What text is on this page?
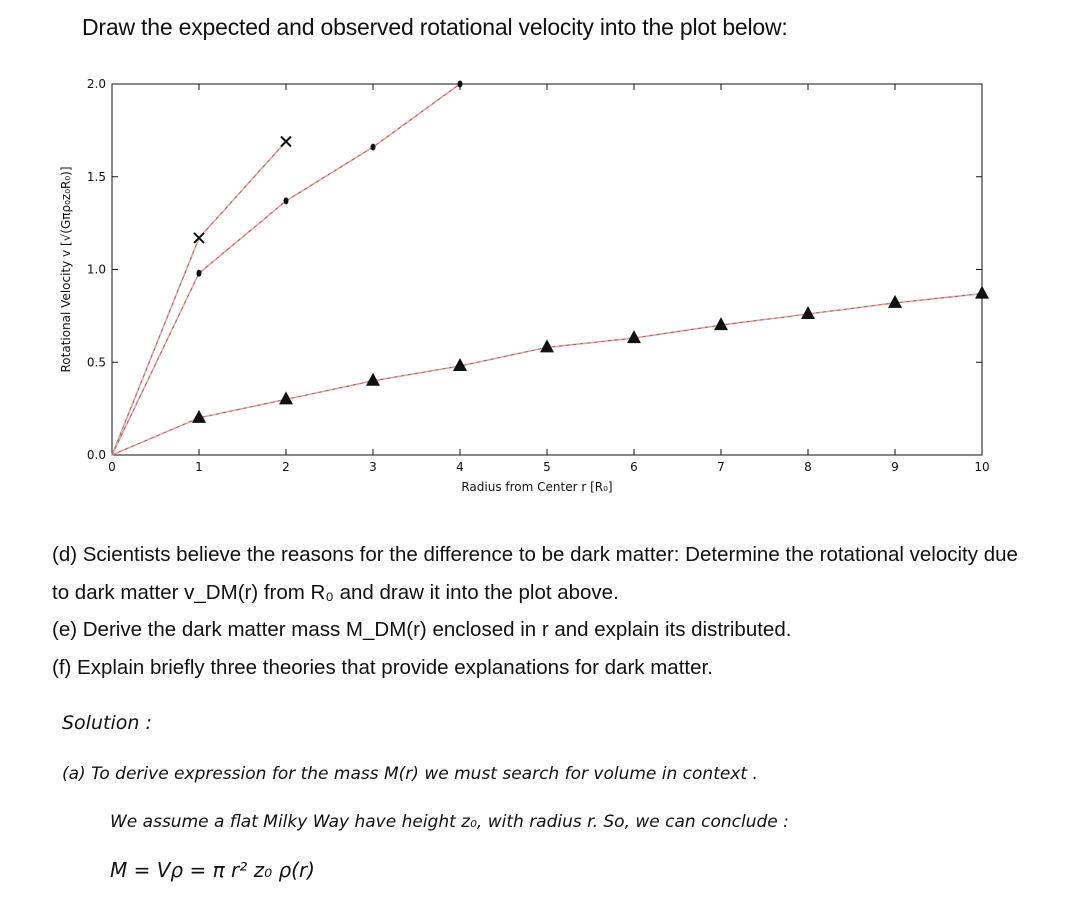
Draw the expected and observed rotational velocity into the plot below:
0	1	2	3	4	5	6	7	8	9	10
0.0
0.5
1.0
1.5
2.0
Radius from Center r [R₀]
Rotational Velocity v [√(Gπρ₀z₀R₀)]

(d) Scientists believe the reasons for the difference to be dark matter: Determine the rotational velocity due to dark matter v_DM(r) from R₀ and draw it into the plot above.

(e) Derive the dark matter mass M_DM(r) enclosed in r and explain its distributed.

(f) Explain briefly three theories that provide explanations for dark matter.

Solution :
(a) To derive expression for the mass M(r) we must search for volume in context .
We assume a flat Milky Way have height z₀, with radius r. So, we can conclude :
M = Vρ = π r² z₀ ρ(r)
